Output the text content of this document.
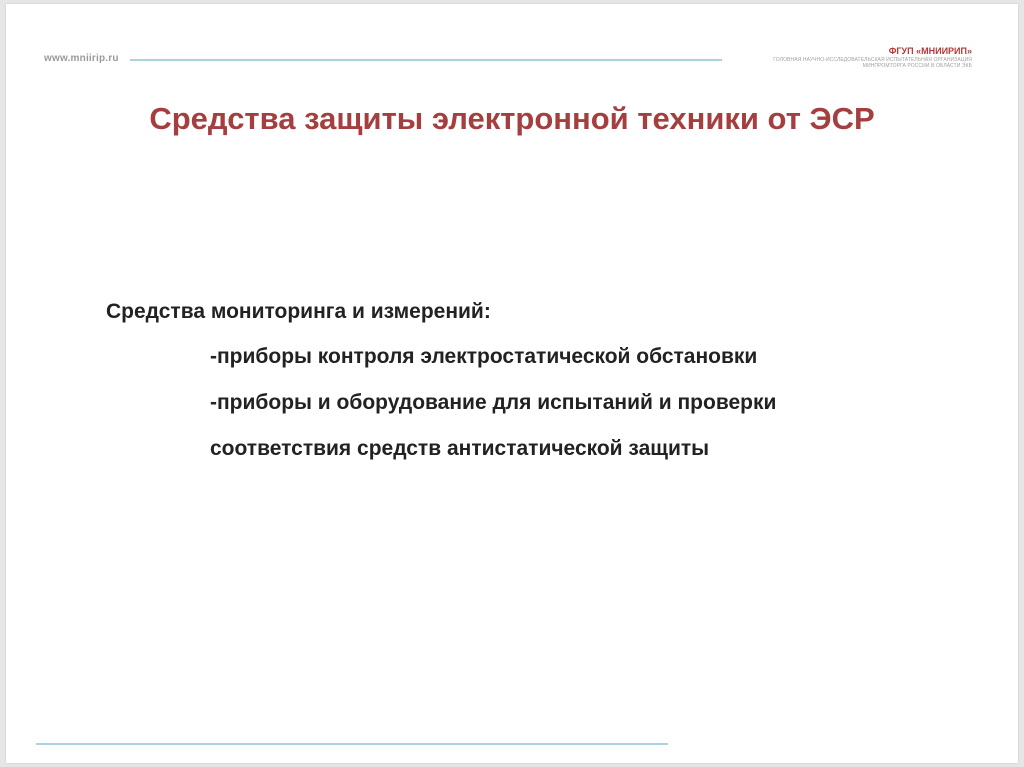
www.mniirip.ru
ФГУП «МНИИРИП»
ГОЛОВНАЯ НАУЧНО-ИССЛЕДОВАТЕЛЬСКАЯ ИСПЫТАТЕЛЬНАЯ ОРГАНИЗАЦИЯ
МИНПРОМТОРГА РОССИИ В ОБЛАСТИ ЭКБ
Средства защиты электронной техники от ЭСР
Средства мониторинга и измерений:
-приборы контроля электростатической обстановки
-приборы и оборудование для испытаний и проверки
соответствия средств антистатической защиты
